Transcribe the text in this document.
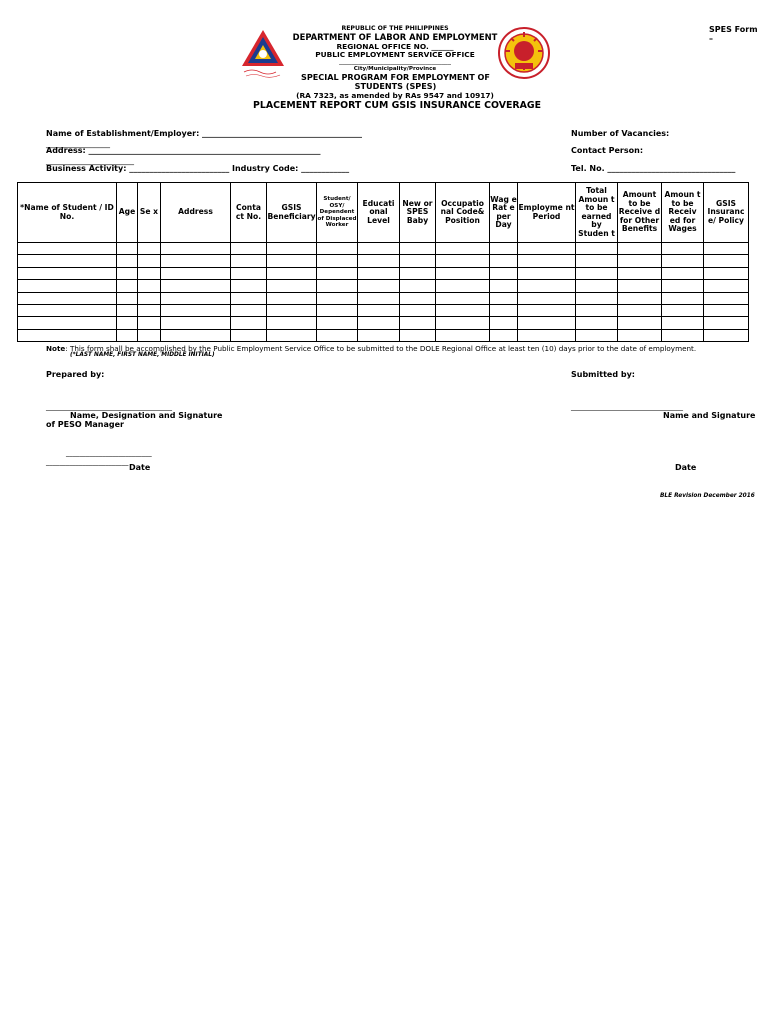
SPES Form
–
REPUBLIC OF THE PHILIPPINES
DEPARTMENT OF LABOR AND EMPLOYMENT
REGIONAL OFFICE NO. ______
PUBLIC EMPLOYMENT SERVICE OFFICE
___________________________________
City/Municipality/Province
SPECIAL PROGRAM FOR EMPLOYMENT OF STUDENTS (SPES)
(RA 7323, as amended by RAs 9547 and 10917)
PLACEMENT REPORT CUM GSIS INSURANCE COVERAGE
Name of Establishment/Employer: ________________________________________
________________
Address: __________________________________________________________
______________________
Business Activity: _________________________ Industry Code: ____________
Number of Vacancies:
Contact Person:
Tel. No. ________________________________
*Name of Student / ID No.	Age	Se x	Address	Conta ct No.	GSIS Beneficiary	Student/ OSY/ Dependent of Displaced Worker	Educati onal Level	New or SPES Baby	Occupatio nal Code& Position	Wag e Rat e per Day	Employme nt Period	Total Amoun t to be earned by Studen t	Amount to be Receive d for Other Benefits	Amoun t to be Receiv ed for Wages	GSIS Insuranc e/ Policy

Note: This form shall be accomplished by the Public Employment Service Office to be submitted to the DOLE Regional Office at least ten (10) days prior to the date of employment.
(*LAST NAME, FIRST NAME, MIDDLE INITIAL)
Prepared by:	Submitted by:
____________________________________
Name, Designation and Signature
of PESO Manager
________________________________
Name and Signature
__________________________
_________________________
Date	Date
BLE Revision December 2016
